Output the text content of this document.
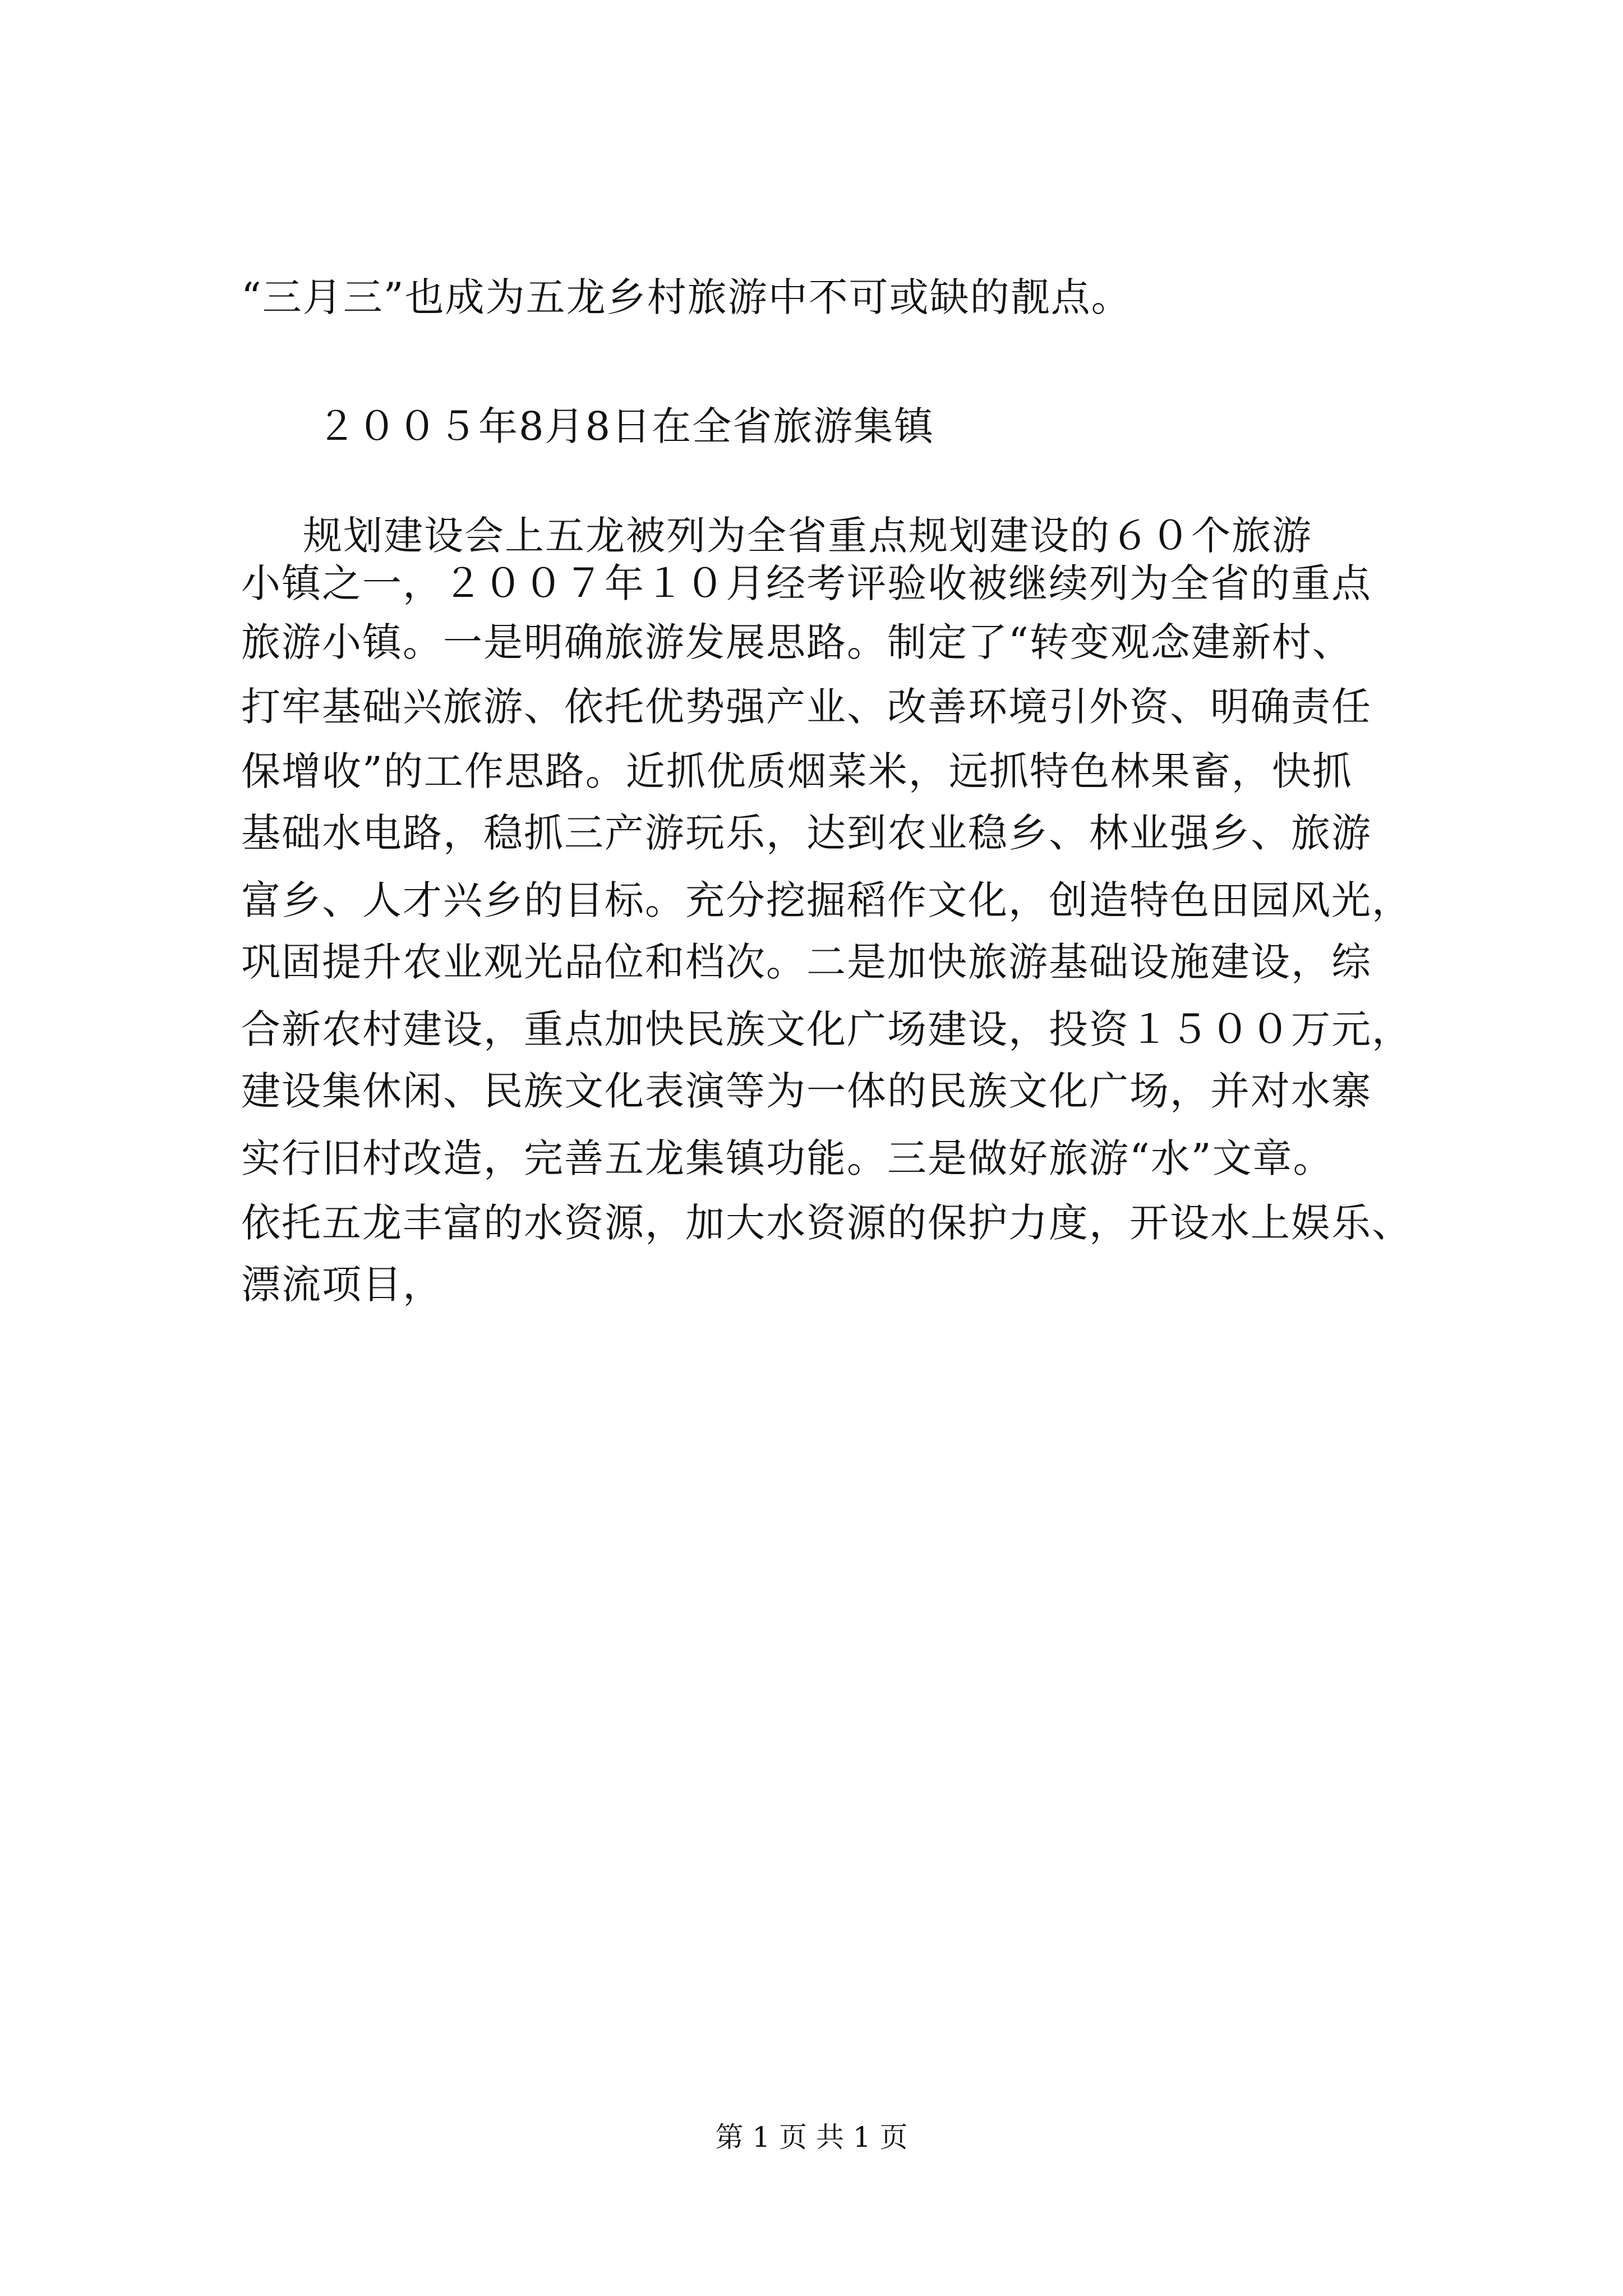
“三月三”也成为五龙乡村旅游中不可或缺的靓点。
２００５年8月8日在全省旅游集镇
规划建设会上五龙被列为全省重点规划建设的６０个旅游
小镇之一，２００７年１０月经考评验收被继续列为全省的重点
旅游小镇。一是明确旅游发展思路。制定了“转变观念建新村、
打牢基础兴旅游、依托优势强产业、改善环境引外资、明确责任
保增收”的工作思路。近抓优质烟菜米，远抓特色林果畜，快抓
基础水电路，稳抓三产游玩乐，达到农业稳乡、林业强乡、旅游
富乡、人才兴乡的目标。充分挖掘稻作文化，创造特色田园风光，
巩固提升农业观光品位和档次。二是加快旅游基础设施建设，综
合新农村建设，重点加快民族文化广场建设，投资１５００万元，
建设集休闲、民族文化表演等为一体的民族文化广场，并对水寨
实行旧村改造，完善五龙集镇功能。三是做好旅游“水”文章。
依托五龙丰富的水资源，加大水资源的保护力度，开设水上娱乐、
漂流项目，
第 1 页 共 1 页
